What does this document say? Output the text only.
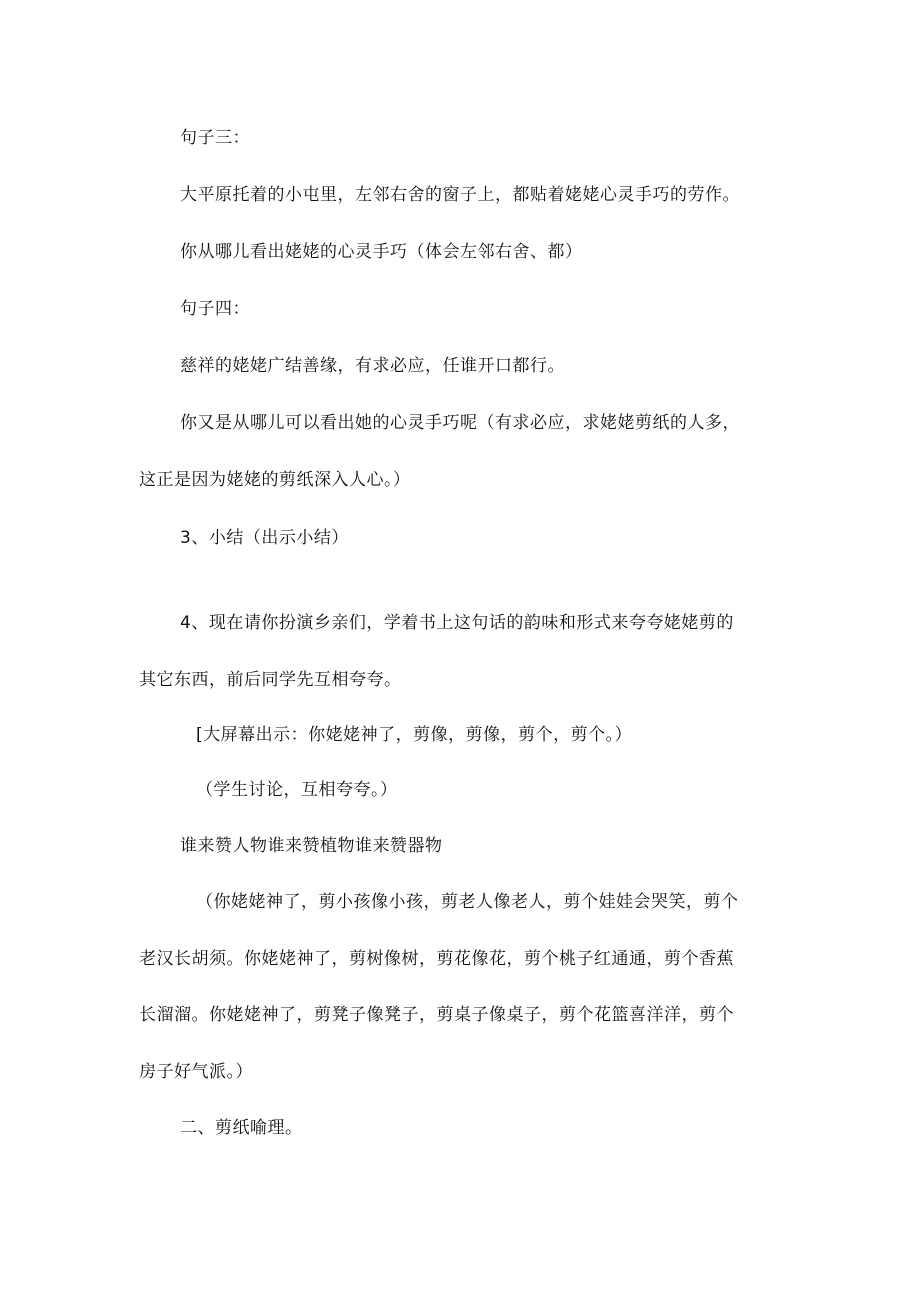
句子三：
大平原托着的小屯里，左邻右舍的窗子上，都贴着姥姥心灵手巧的劳作。
你从哪儿看出姥姥的心灵手巧（体会左邻右舍、都）
句子四：
慈祥的姥姥广结善缘，有求必应，任谁开口都行。
你又是从哪儿可以看出她的心灵手巧呢（有求必应，求姥姥剪纸的人多，
这正是因为姥姥的剪纸深入人心。）
3、小结（出示小结）
4、现在请你扮演乡亲们，学着书上这句话的韵味和形式来夸夸姥姥剪的
其它东西，前后同学先互相夸夸。
[大屏幕出示：你姥姥神了，剪像，剪像，剪个，剪个。）
（学生讨论，互相夸夸。）
谁来赞人物谁来赞植物谁来赞器物
（你姥姥神了，剪小孩像小孩，剪老人像老人，剪个娃娃会哭笑，剪个
老汉长胡须。你姥姥神了，剪树像树，剪花像花，剪个桃子红通通，剪个香蕉
长溜溜。你姥姥神了，剪凳子像凳子，剪桌子像桌子，剪个花篮喜洋洋，剪个
房子好气派。）
二、剪纸喻理。
